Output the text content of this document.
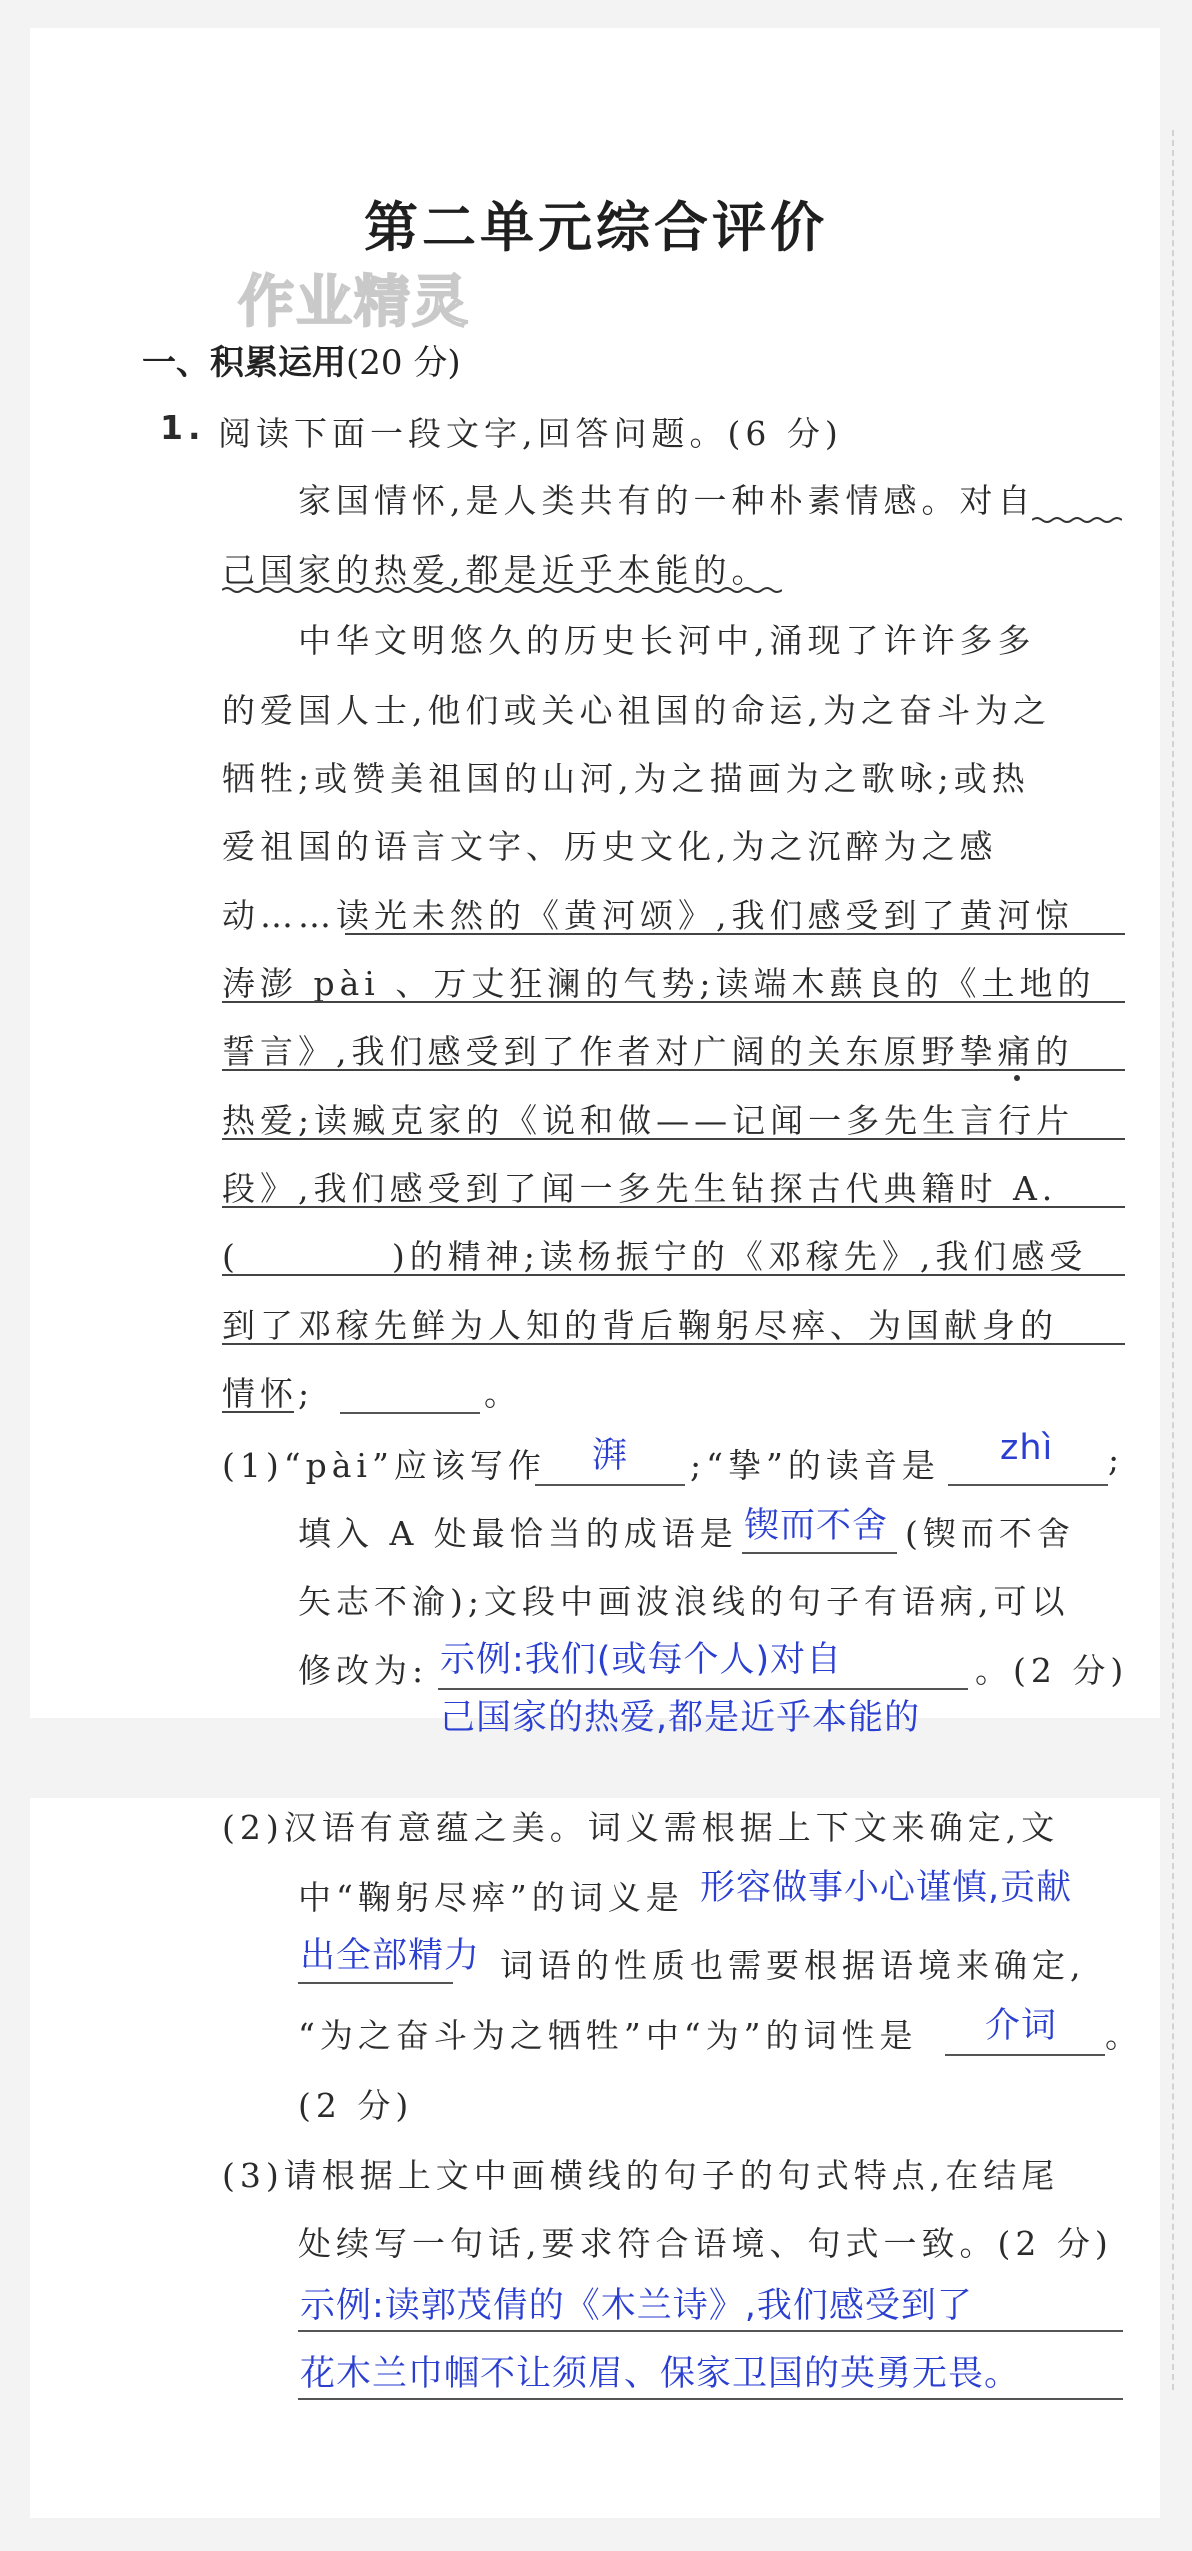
第二单元综合评价
作业精灵
一、积累运用(20 分)
1. 阅读下面一段文字,回答问题。(6 分)
家国情怀,是人类共有的一种朴素情感。对自
己国家的热爱,都是近乎本能的。
中华文明悠久的历史长河中,涌现了许许多多
的爱国人士,他们或关心祖国的命运,为之奋斗为之
牺牲;或赞美祖国的山河,为之描画为之歌咏;或热
爱祖国的语言文字、历史文化,为之沉醉为之感
动……读光未然的《黄河颂》,我们感受到了黄河惊
涛澎 pài 、万丈狂澜的气势;读端木蕻良的《土地的
誓言》,我们感受到了作者对广阔的关东原野挚痛的
热爱;读臧克家的《说和做——记闻一多先生言行片
段》,我们感受到了闻一多先生钻探古代典籍时 A.
(　　　　)的精神;读杨振宁的《邓稼先》,我们感受
到了邓稼先鲜为人知的背后鞠躬尽瘁、为国献身的
情怀;	。
(1)“pài”应该写作 湃 ;“挚”的读音是 zhì ;
填入 A 处最恰当的成语是 锲而不舍 (锲而不舍
矢志不渝);文段中画波浪线的句子有语病,可以
修改为: 示例:我们(或每个人)对自	。(2 分)
己国家的热爱,都是近乎本能的
(2)汉语有意蕴之美。词义需根据上下文来确定,文
中“鞠躬尽瘁”的词义是 形容做事小心谨慎,贡献
出全部精力 词语的性质也需要根据语境来确定,
“为之奋斗为之牺牲”中“为”的词性是 介词 。
(2 分)
(3)请根据上文中画横线的句子的句式特点,在结尾
处续写一句话,要求符合语境、句式一致。(2 分)
示例:读郭茂倩的《木兰诗》,我们感受到了
花木兰巾帼不让须眉、保家卫国的英勇无畏。
